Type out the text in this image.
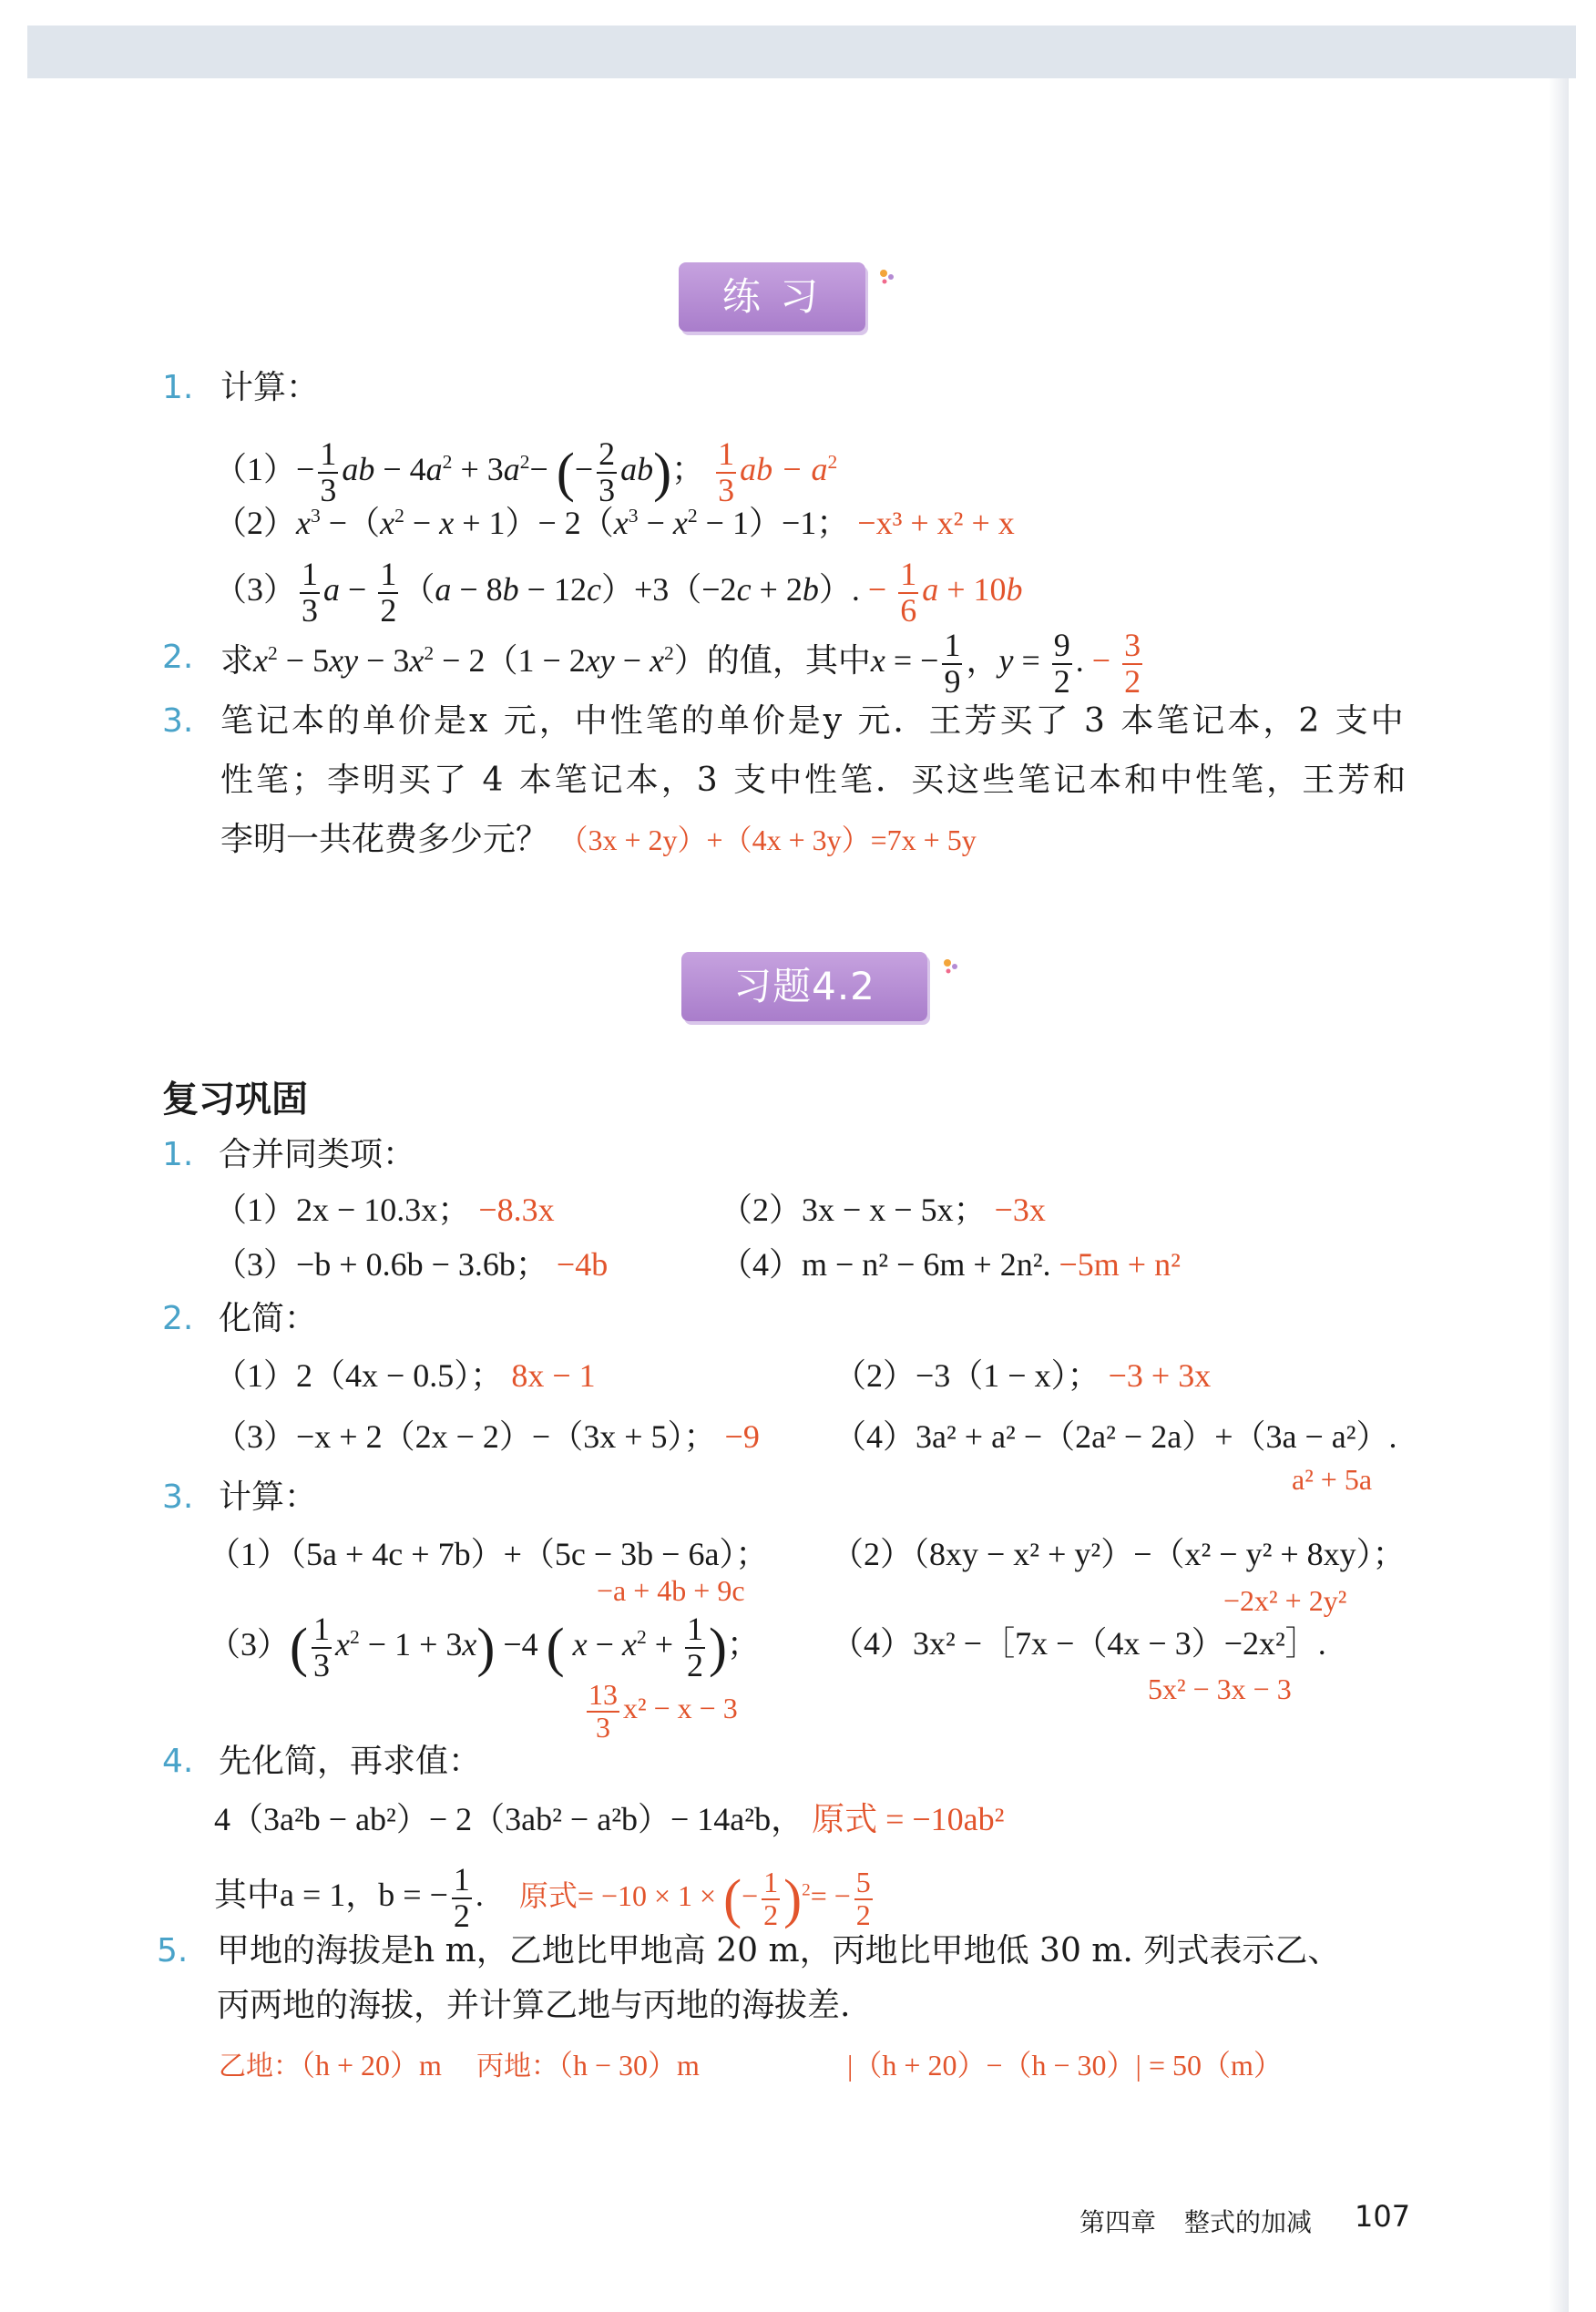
练 习
1. 计算：
$(1)- \frac{1}{3}$ ab − $4a^2 + 3a^2-$ (− $\frac{2}{3} ab$)； $\frac{1}{3}$ ab − $a^2$
$(2)x^3 -(x^2 - x + 1)- 2(x^3 - x^2 - 1)-1$； −x³ + x² + x
$(3) \frac{1}{3}$ $a - \frac{1}{2} (a - 8b - 12c)+3(-2c + 2b)$. − $\frac{1}{6}$ a + 10b
2. 求$x^2 - 5xy - 3x^2 - 2(1 - 2xy - x^2)$的值，其中x = − $\frac{1}{9}$ ，$y = \frac{9}{2}$ . − $\frac{3}{2}$
3. 笔记本的单价是x 元，中性笔的单价是y 元．王芳买了 3 本笔记本，2 支中
性笔；李明买了 4 本笔记本，3 支中性笔．买这些笔记本和中性笔，王芳和
李明一共花费多少元？ （3x + 2y）+（4x + 3y）=7x + 5y
习题4.2
复习巩固
1. 合并同类项：
（1）2x − 10.3x； −8.3x	（2）3x − x − 5x； −3x
（3）−b + 0.6b − 3.6b； −4b	（4）m − n² − 6m + 2n². −5m + n²
2. 化简：
（1）2（4x − 0.5）； 8x − 1	（2）−3（1 − x）； −3 + 3x
（3）−x + 2（2x − 2）−（3x + 5）； −9 （4）3a² + a² −（2a² − 2a）+（3a − a²）.
a² + 5a
3. 计算：
（1）（5a + 4c + 7b）+（5c − 3b − 6a）；
−a + 4b + 9c
（2）（8xy − x² + y²）−（x² − y² + 8xy）；
−2x² + 2y²
$(3)( \frac{1}{3} x^2 - 1 + 3x) -4$ ( $x - x^2 + \frac{1}{2}$ )；
$\frac{13}{3} x^2 - x - 3$
（4）3x² −［7x −（4x − 3）−2x²］.
5x² − 3x − 3
4. 先化简，再求值：
4（3a²b − ab²）− 2（3ab² − a²b）− 14a²b， 原式 = −10ab²
其中a = 1，b = − $\frac{1}{2}$ . 原式= −10 × 1 × (− $\frac{1}{2} )^2= - \frac{5}{2}$
5. 甲地的海拔是h m，乙地比甲地高 20 m，丙地比甲地低 30 m. 列式表示乙、
丙两地的海拔，并计算乙地与丙地的海拔差.
乙地：（h + 20）m 丙地：（h − 30）m	|（h + 20）−（h − 30）| = 50（m）
第四章 整式的加减 107
